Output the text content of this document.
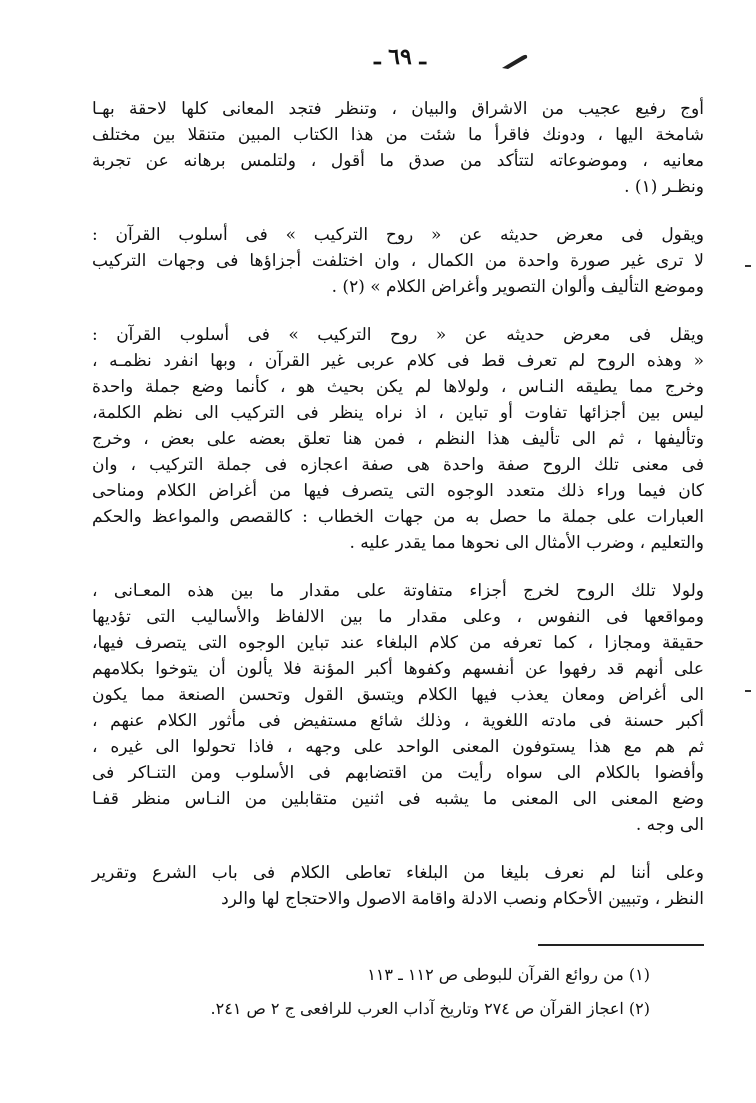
ـ ٦٩ ـ

أوج رفيع عجيب من الاشراق والبيان ، وتنظر فتجد المعانى كلها لاحقة بهـا
شامخة اليها ، ودونك فاقرأ ما شئت من هذا الكتاب المبين متنقلا بين مختلف
معانيه ، وموضوعاته لتتأكد من صدق ما أقول ، ولتلمس برهانه عن تجربة
ونظـر (١) .

ويقول فى معرض حديثه عن « روح التركيب » فى أسلوب القرآن :
لا ترى غير صورة واحدة من الكمال ، وان اختلفت أجزاؤها فى وجهات التركيب
وموضع التأليف وألوان التصوير وأغراض الكلام » (٢) .

ويقل فى معرض حديثه عن « روح التركيب » فى أسلوب القرآن :
« وهذه الروح لم تعرف قط فى كلام عربى غير القرآن ، وبها انفرد نظمـه ،
وخرج مما يطيقه النـاس ، ولولاها لم يكن بحيث هو ، كأنما وضع جملة واحدة
ليس بين أجزائها تفاوت أو تباين ، اذ نراه ينظر فى التركيب الى نظم الكلمة،
وتأليفها ، ثم الى تأليف هذا النظم ، فمن هنا تعلق بعضه على بعض ، وخرج
فى معنى تلك الروح صفة واحدة هى صفة اعجازه فى جملة التركيب ، وان
كان فيما وراء ذلك متعدد الوجوه التى يتصرف فيها من أغراض الكلام ومناحى
العبارات على جملة ما حصل به من جهات الخطاب : كالقصص والمواعظ والحكم
والتعليم ، وضرب الأمثال الى نحوها مما يقدر عليه .

ولولا تلك الروح لخرج أجزاء متفاوتة على مقدار ما بين هذه المعـانى ،
ومواقعها فى النفوس ، وعلى مقدار ما بين الالفاظ والأساليب التى تؤديها
حقيقة ومجازا ، كما تعرفه من كلام البلغاء عند تباين الوجوه التى يتصرف فيها،
على أنهم قد رفهوا عن أنفسهم وكفوها أكبر المؤنة فلا يألون أن يتوخوا بكلامهم
الى أغراض ومعان يعذب فيها الكلام ويتسق القول وتحسن الصنعة مما يكون
أكبر حسنة فى مادته اللغوية ، وذلك شائع مستفيض فى مأثور الكلام عنهم ،
ثم هم مع هذا يستوفون المعنى الواحد على وجهه ، فاذا تحولوا الى غيره ،
وأفضوا بالكلام الى سواه رأيت من اقتضابهم فى الأسلوب ومن التنـاكر فى
وضع المعنى الى المعنى ما يشبه فى اثنين متقابلين من النـاس منظر قفـا
الى وجه .

وعلى أننا لم نعرف بليغا من البلغاء تعاطى الكلام فى باب الشرع وتقرير
النظر ، وتبيين الأحكام ونصب الادلة واقامة الاصول والاحتجاج لها والرد

(١) من روائع القرآن للبوطى ص ١١٢ ـ ١١٣
(٢) اعجاز القرآن ص ٢٧٤ وتاريخ آداب العرب للرافعى ج ٢ ص ٢٤١.
